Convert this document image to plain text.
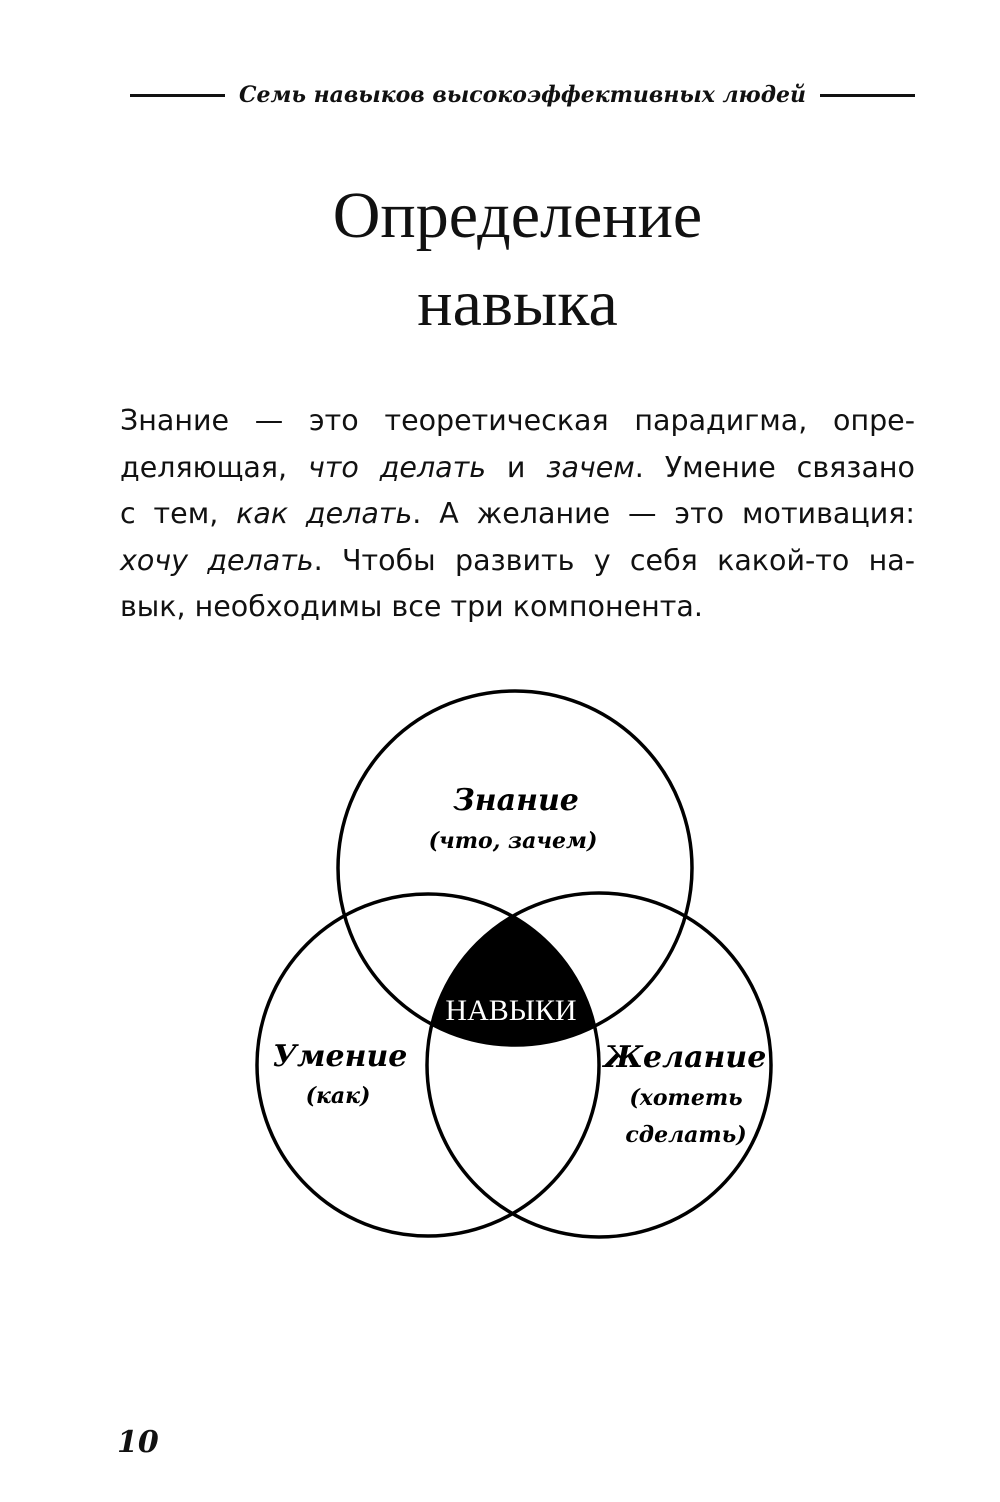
Семь навыков высокоэффективных людей
Определение
навыка
Знание — это теоретическая парадигма, опре-
деляющая, что делать и зачем. Умение связано
с тем, как делать. А желание — это мотивация:
хочу делать. Чтобы развить у себя какой-то на-
вык, необходимы все три компонента.
Знание
(что, зачем)
Умение
(как)
Желание
(хотеть
сделать)
НАВЫКИ
10
